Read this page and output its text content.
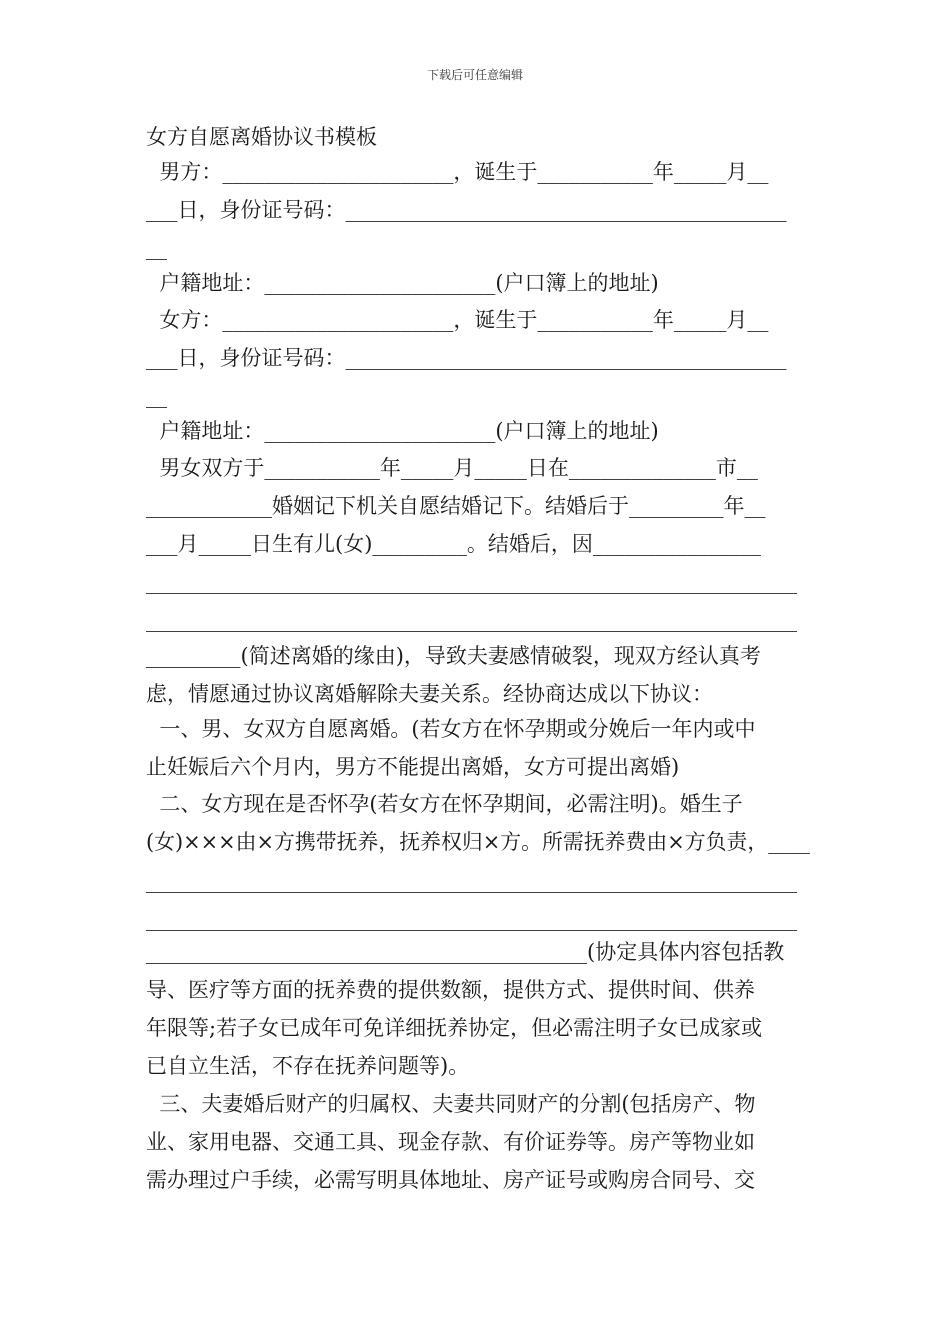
下载后可任意编辑
女方自愿离婚协议书模板
男方：______________________，诞生于___________年_____月__
___日，身份证号码：__________________________________________
__
户籍地址：______________________(户口簿上的地址)
女方：______________________，诞生于___________年_____月__
___日，身份证号码：__________________________________________
__
户籍地址：______________________(户口簿上的地址)
男女双方于___________年_____月_____日在______________市__
____________婚姻记下机关自愿结婚记下。结婚后于_________年__
___月_____日生有儿(女)_________。结婚后，因________________
______________________________________________________________
______________________________________________________________
_________(简述离婚的缘由)，导致夫妻感情破裂，现双方经认真考
虑，情愿通过协议离婚解除夫妻关系。经协商达成以下协议：
一、男、女双方自愿离婚。(若女方在怀孕期或分娩后一年内或中
止妊娠后六个月内，男方不能提出离婚，女方可提出离婚)
二、女方现在是否怀孕(若女方在怀孕期间，必需注明)。婚生子
(女)×××由×方携带抚养，抚养权归×方。所需抚养费由×方负责，____
______________________________________________________________
______________________________________________________________
__________________________________________(协定具体内容包括教
导、医疗等方面的抚养费的提供数额，提供方式、提供时间、供养
年限等;若子女已成年可免详细抚养协定，但必需注明子女已成家或
已自立生活，不存在抚养问题等)。
三、夫妻婚后财产的归属权、夫妻共同财产的分割(包括房产、物
业、家用电器、交通工具、现金存款、有价证券等。房产等物业如
需办理过户手续，必需写明具体地址、房产证号或购房合同号、交
